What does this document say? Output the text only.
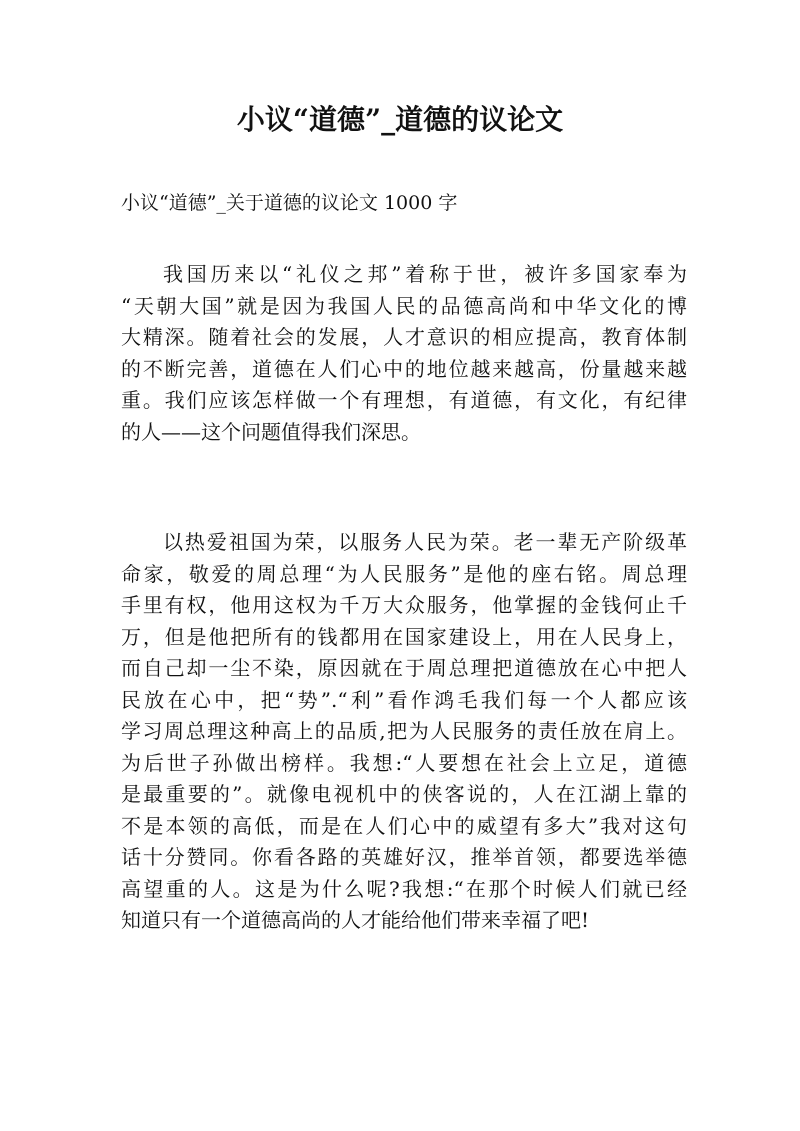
小议“道德”_道德的议论文

小议“道德”_关于道德的议论文 1000 字

我国历来以“礼仪之邦”着称于世，被许多国家奉为
“天朝大国”就是因为我国人民的品德高尚和中华文化的博
大精深。随着社会的发展，人才意识的相应提高，教育体制
的不断完善，道德在人们心中的地位越来越高，份量越来越
重。我们应该怎样做一个有理想，有道德，有文化，有纪律
的人——这个问题值得我们深思。
以热爱祖国为荣，以服务人民为荣。老一辈无产阶级革
命家，敬爱的周总理“为人民服务”是他的座右铭。周总理
手里有权，他用这权为千万大众服务，他掌握的金钱何止千
万，但是他把所有的钱都用在国家建设上，用在人民身上，
而自己却一尘不染，原因就在于周总理把道德放在心中把人
民放在心中，把“势”.“利”看作鸿毛我们每一个人都应该
学习周总理这种高上的品质,把为人民服务的责任放在肩上。
为后世子孙做出榜样。我想:“人要想在社会上立足，道德
是最重要的”。就像电视机中的侠客说的，人在江湖上靠的
不是本领的高低，而是在人们心中的威望有多大”我对这句
话十分赞同。你看各路的英雄好汉，推举首领，都要选举德
高望重的人。这是为什么呢?我想:“在那个时候人们就已经
知道只有一个道德高尚的人才能给他们带来幸福了吧!
